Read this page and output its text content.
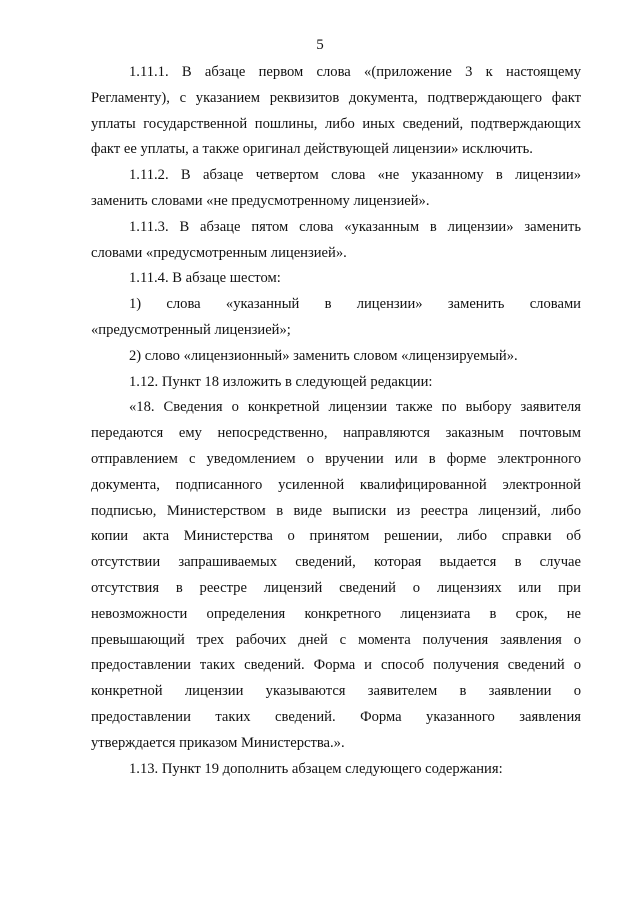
5
1.11.1. В абзаце первом слова «(приложение 3 к настоящему
Регламенту), с указанием реквизитов документа, подтверждающего факт
уплаты государственной пошлины, либо иных сведений, подтверждающих
факт ее уплаты, а также оригинал действующей лицензии» исключить.
1.11.2. В абзаце четвертом слова «не указанному в лицензии»
заменить словами «не предусмотренному лицензией».
1.11.3. В абзаце пятом слова «указанным в лицензии» заменить
словами «предусмотренным лицензией».
1.11.4. В абзаце шестом:
1) слова «указанный в лицензии» заменить словами
«предусмотренный лицензией»;
2) слово «лицензионный» заменить словом «лицензируемый».
1.12. Пункт 18 изложить в следующей редакции:
«18. Сведения о конкретной лицензии также по выбору заявителя
передаются ему непосредственно, направляются заказным почтовым
отправлением с уведомлением о вручении или в форме электронного
документа, подписанного усиленной квалифицированной электронной
подписью, Министерством в виде выписки из реестра лицензий, либо
копии акта Министерства о принятом решении, либо справки об
отсутствии запрашиваемых сведений, которая выдается в случае
отсутствия в реестре лицензий сведений о лицензиях или при
невозможности определения конкретного лицензиата в срок, не
превышающий трех рабочих дней с момента получения заявления о
предоставлении таких сведений. Форма и способ получения сведений о
конкретной лицензии указываются заявителем в заявлении о
предоставлении таких сведений. Форма указанного заявления
утверждается приказом Министерства.».
1.13. Пункт 19 дополнить абзацем следующего содержания:
